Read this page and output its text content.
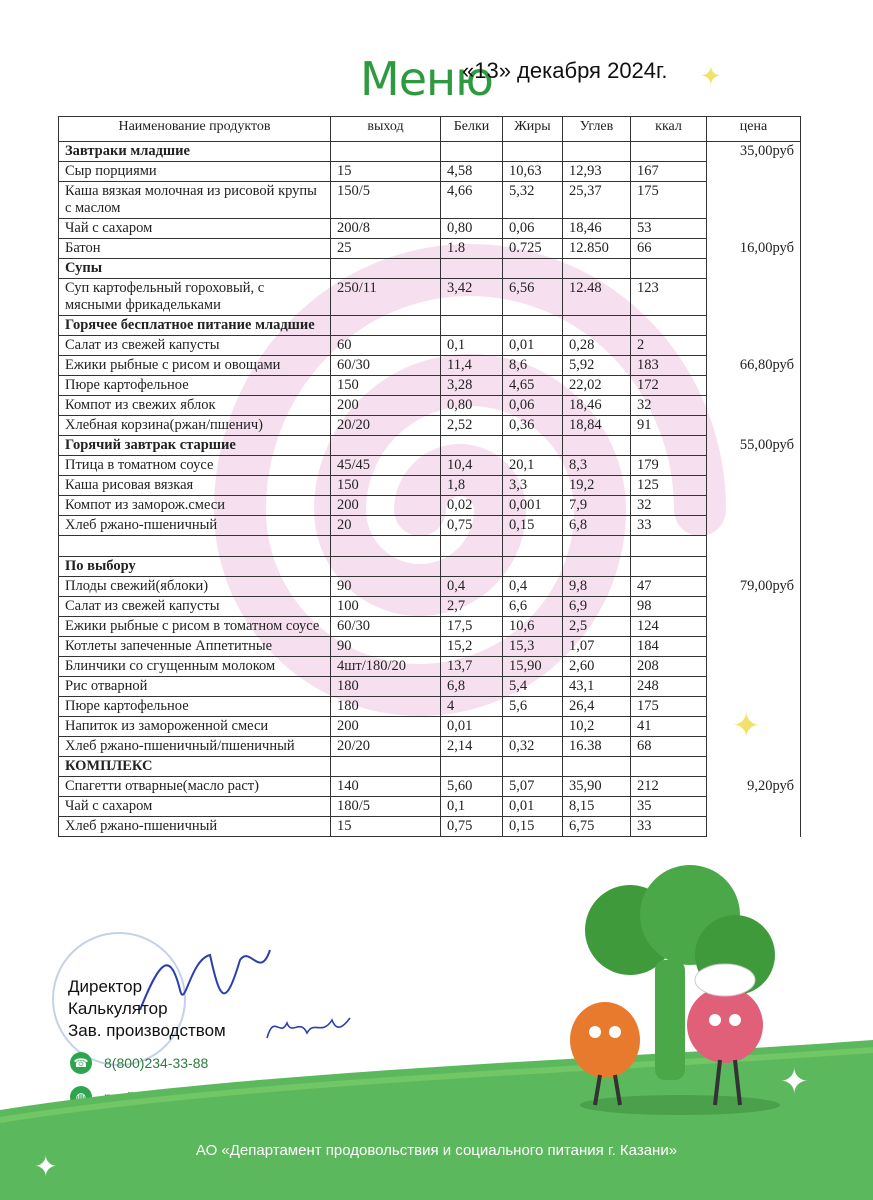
Меню
«13» декабря 2024г.
Наименование продуктов	выход	Белки	Жиры	Углев	ккал	цена
Завтраки младшие						35,00руб
Сыр порциями	15	4,58	10,63	12,93	167	
Каша вязкая молочная из рисовой крупы с маслом	150/5	4,66	5,32	25,37	175	
Чай с сахаром	200/8	0,80	0,06	18,46	53	
Батон	25	1.8	0.725	12.850	66	16,00руб
Супы						
Суп картофельный гороховый, с мясными фрикадельками	250/11	3,42	6,56	12.48	123	
Горячее бесплатное питание младшие						
Салат из свежей капусты	60	0,1	0,01	0,28	2	
Ежики рыбные с рисом и овощами	60/30	11,4	8,6	5,92	183	66,80руб
Пюре картофельное	150	3,28	4,65	22,02	172	
Компот из свежих яблок	200	0,80	0,06	18,46	32	
Хлебная корзина(ржан/пшенич)	20/20	2,52	0,36	18,84	91	
Горячий завтрак старшие						55,00руб
Птица в томатном соусе	45/45	10,4	20,1	8,3	179	
Каша рисовая вязкая	150	1,8	3,3	19,2	125	
Компот из заморож.смеси	200	0,02	0,001	7,9	32	
Хлеб ржано-пшеничный	20	0,75	0,15	6,8	33	

По выбору						
Плоды свежий(яблоки)	90	0,4	0,4	9,8	47	79,00руб
Салат из свежей капусты	100	2,7	6,6	6,9	98	
Ежики рыбные с рисом в томатном соусе	60/30	17,5	10,6	2,5	124	
Котлеты запеченные Аппетитные	90	15,2	15,3	1,07	184	
Блинчики со сгущенным молоком	4шт/180/20	13,7	15,90	2,60	208	
Рис отварной	180	6,8	5,4	43,1	248	
Пюре картофельное	180	4	5,6	26,4	175	
Напиток из замороженной смеси	200	0,01		10,2	41	
Хлеб ржано-пшеничный/пшеничный	20/20	2,14	0,32	16.38	68	
КОМПЛЕКС						
Спагетти отварные(масло раст)	140	5,60	5,07	35,90	212	9,20руб
Чай с сахаром	180/5	0,1	0,01	8,15	35	
Хлеб ржано-пшеничный	15	0,75	0,15	6,75	33	
Директор
Калькулятор
Зав. производством
☎ 8(800)234-33-88
◍
✦
✦
✦
✦
АО «Департамент продовольствия и социального питания г. Казани»
